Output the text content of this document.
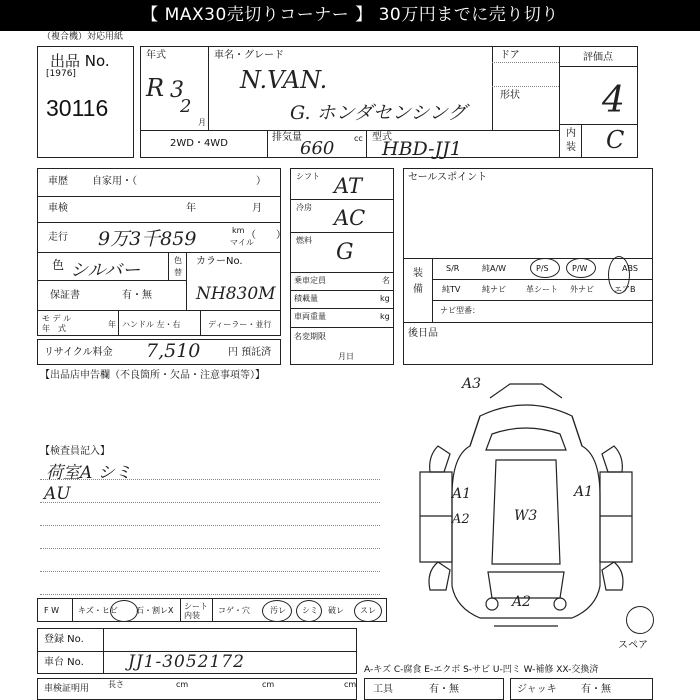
【 MAX30売切りコーナー 】 30万円までに売り切り
（複合機）対応用紙
出品 No.
[1976]
30116
年式
R 3
2
月
車名・グレード
N.VAN.
G. ホンダセンシング
ドア
形状
評価点
4
内
装 C
2WD・4WD
排気量
660 cc 型式
HBD-JJ1
車歴 自家用・（	）
車検	年	月
走行 9万3千859	km
マイル
（　　）
色 シルバー	色
替
カラーNo.
NH830M
保証書	有・無
モ デ ル
年　式	年 ハンドル 左・右	ディーラー・並行
リサイクル料金 7,510	円 預託済
シフト AT
冷房 AC
燃料 G
乗車定員	名
積載量	kg
車両重量	kg
名変期限
月日
セールスポイント
装
備
S/R	純A/W	P/S	P/W	ABS
純TV	純ナビ	革シート 外ナビ	エアB
ナビ型番：
後日品
【出品店申告欄（不良箇所・欠品・注意事項等）】
【検査員記入】
荷室A シミ
AU
A3
A1	A1
A2	W3
A2
スペア
F W キズ・ヒビ 石・割レX シート内装
コゲ・穴	汚レ シミ 破レ スレ
登録 No.
車台 No.	JJ1-3052172	A-キズ C-腐食 E-エクボ S-サビ U-凹ミ W-補修 XX-交換済
車検証明用 長さ	cm	cm	cm 工具	有・無	ジャッキ 有・無
